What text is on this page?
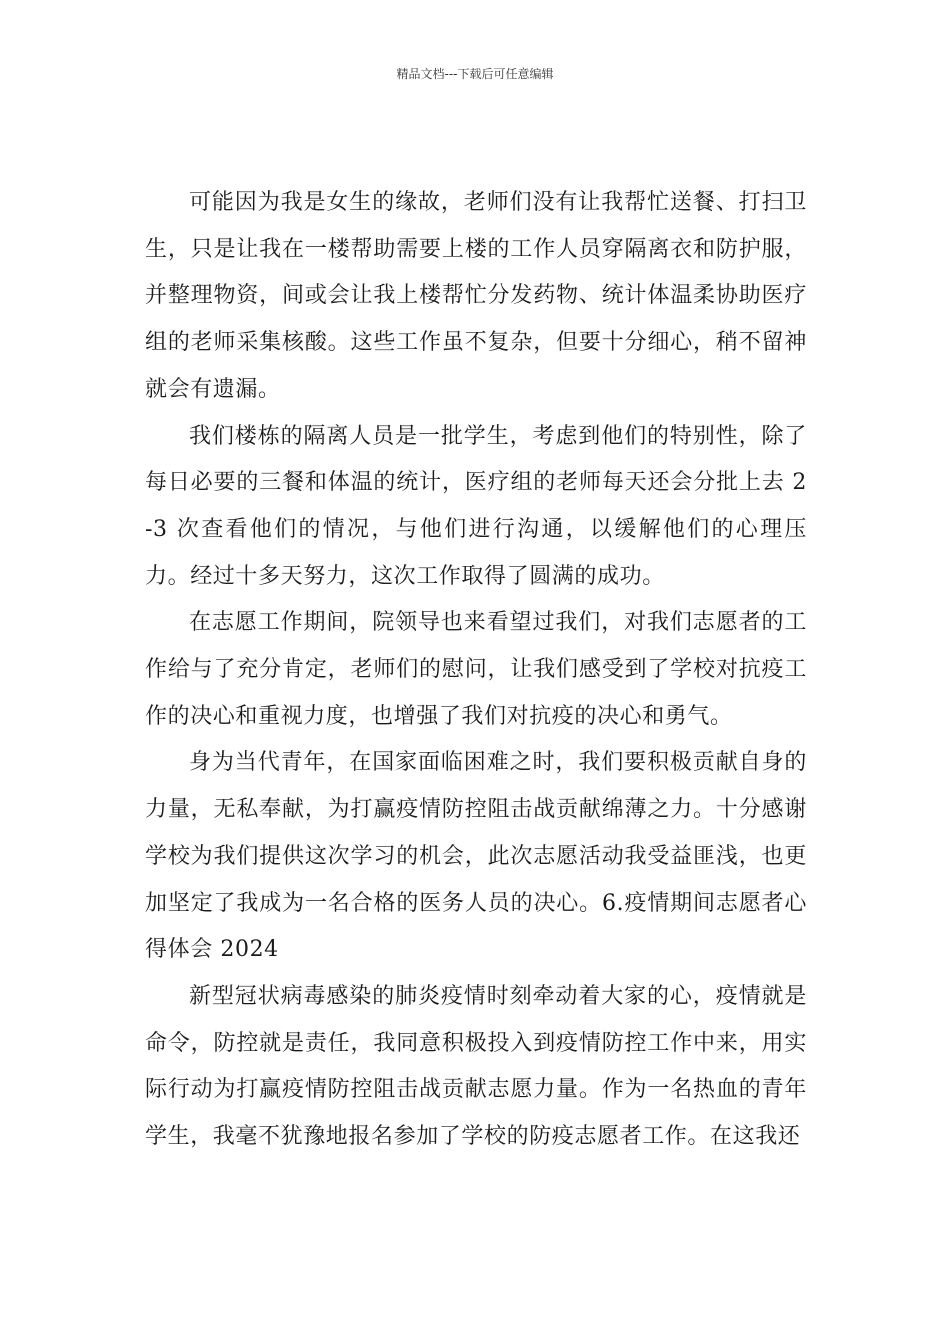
精品文档---下载后可任意编辑

可能因为我是女生的缘故，老师们没有让我帮忙送餐、打扫卫生，只是让我在一楼帮助需要上楼的工作人员穿隔离衣和防护服，并整理物资，间或会让我上楼帮忙分发药物、统计体温柔协助医疗组的老师采集核酸。这些工作虽不复杂，但要十分细心，稍不留神就会有遗漏。

我们楼栋的隔离人员是一批学生，考虑到他们的特别性，除了每日必要的三餐和体温的统计，医疗组的老师每天还会分批上去 2-3 次查看他们的情况，与他们进行沟通，以缓解他们的心理压力。经过十多天努力，这次工作取得了圆满的成功。

在志愿工作期间，院领导也来看望过我们，对我们志愿者的工作给与了充分肯定，老师们的慰问，让我们感受到了学校对抗疫工作的决心和重视力度，也增强了我们对抗疫的决心和勇气。

身为当代青年，在国家面临困难之时，我们要积极贡献自身的力量，无私奉献，为打赢疫情防控阻击战贡献绵薄之力。十分感谢学校为我们提供这次学习的机会，此次志愿活动我受益匪浅，也更加坚定了我成为一名合格的医务人员的决心。6.疫情期间志愿者心得体会 2024

新型冠状病毒感染的肺炎疫情时刻牵动着大家的心，疫情就是命令，防控就是责任，我同意积极投入到疫情防控工作中来，用实际行动为打赢疫情防控阻击战贡献志愿力量。作为一名热血的青年学生，我毫不犹豫地报名参加了学校的防疫志愿者工作。在这我还
